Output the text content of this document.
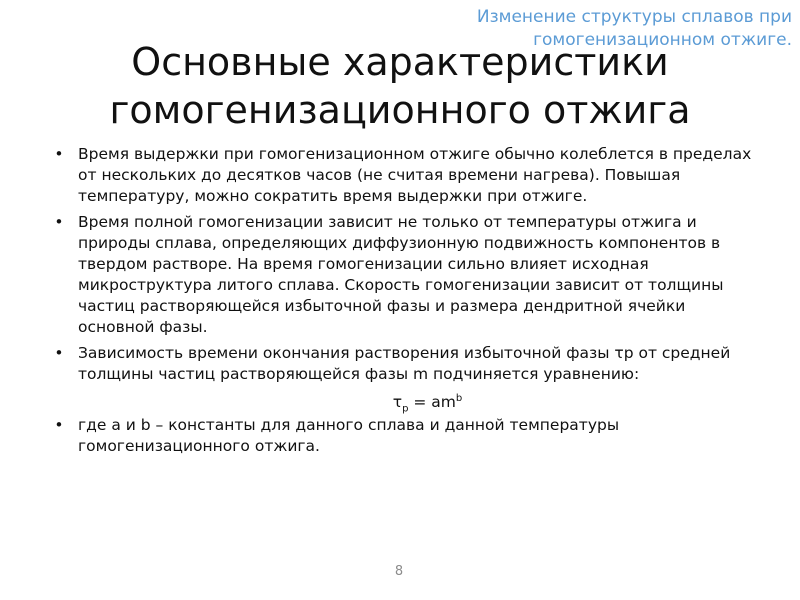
Изменение структуры сплавов при гомогенизационном отжиге.
Основные характеристики гомогенизационного отжига
• Время выдержки при гомогенизационном отжиге обычно колеблется в пределах от нескольких до десятков часов (не считая времени нагрева). Повышая температуру, можно сократить время выдержки при отжиге.
• Время полной гомогенизации зависит не только от температуры отжига и природы сплава, определяющих диффузионную подвижность компонентов в твердом растворе. На время гомогенизации сильно влияет исходная микроструктура литого сплава. Скорость гомогенизации зависит от толщины частиц растворяющейся избыточной фазы и размера дендритной ячейки основной фазы.
• Зависимость времени окончания растворения избыточной фазы τр от средней толщины частиц растворяющейся фазы m подчиняется уравнению:
$\tau_р = am^b$
• где a и b – константы для данного сплава и данной температуры гомогенизационного отжига.
8
